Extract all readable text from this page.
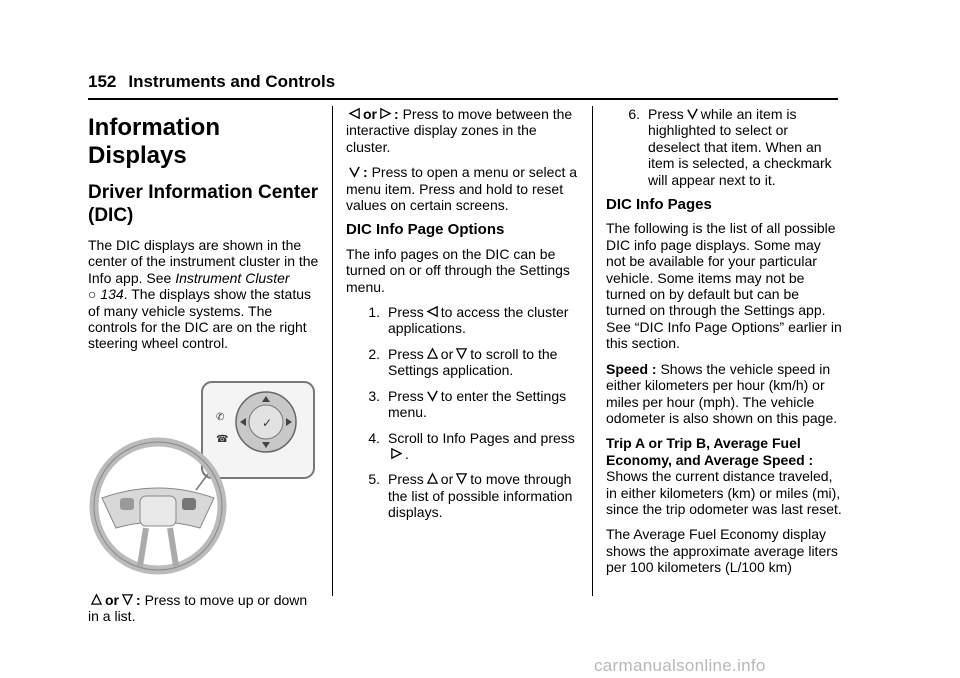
152 Instruments and Controls
Information Displays
Driver Information Center (DIC)

The DIC displays are shown in the center of the instrument cluster in the Info app. See Instrument Cluster
○ 134. The displays show the status of many vehicle systems. The controls for the DIC are on the right steering wheel control.

✓
✆
☎

or : Press to move up or down in a list.

or : Press to move between the interactive display zones in the cluster.

: Press to open a menu or select a menu item. Press and hold to reset values on certain screens.

DIC Info Page Options

The info pages on the DIC can be turned on or off through the Settings menu.

1. Press to access the cluster applications.
2. Press or to scroll to the Settings application.
3. Press to enter the Settings menu.
4. Scroll to Info Pages and press.
5. Press or to move through the list of possible information displays.
6. Press while an item is highlighted to select or deselect that item. When an item is selected, a checkmark will appear next to it.
DIC Info Pages

The following is the list of all possible DIC info page displays. Some may not be available for your particular vehicle. Some items may not be turned on by default but can be turned on through the Settings app. See “DIC Info Page Options” earlier in this section.

Speed : Shows the vehicle speed in either kilometers per hour (km/h) or miles per hour (mph). The vehicle odometer is also shown on this page.

Trip A or Trip B, Average Fuel Economy, and Average Speed :
Shows the current distance traveled, in either kilometers (km) or miles (mi), since the trip odometer was last reset.

The Average Fuel Economy display shows the approximate average liters per 100 kilometers (L/100 km)

carmanualsonline.info
